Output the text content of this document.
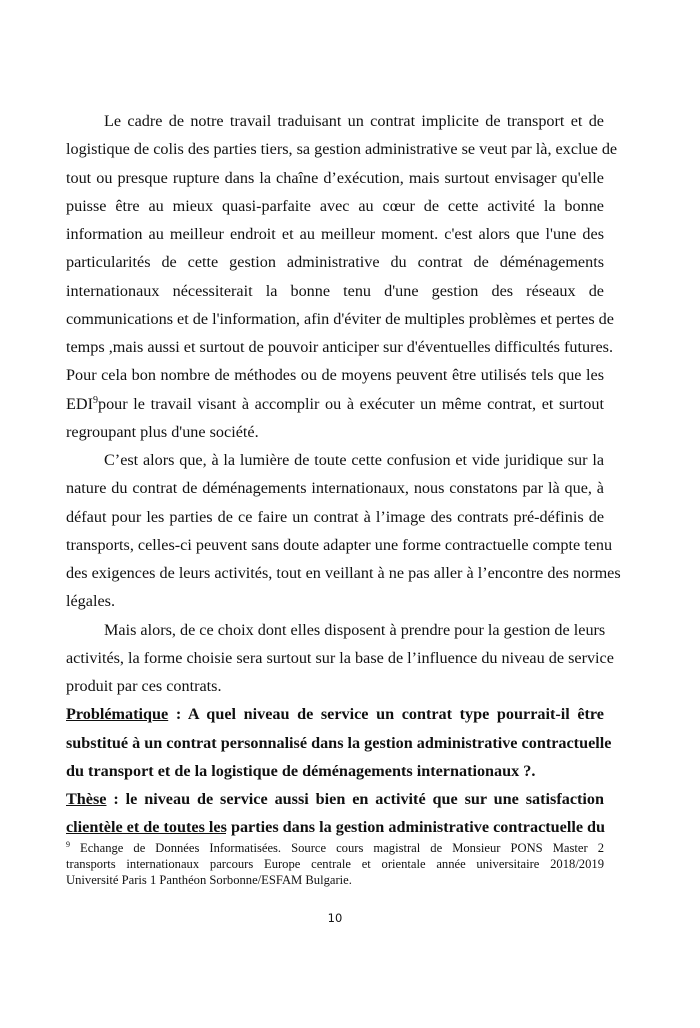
Le cadre de notre travail traduisant un contrat implicite de transport et de
logistique de colis des parties tiers, sa gestion administrative se veut par là, exclue de
tout ou presque rupture dans la chaîne d’exécution, mais surtout envisager qu'elle
puisse être au mieux quasi-parfaite avec au cœur de cette activité la bonne
information au meilleur endroit et au meilleur moment. c'est alors que l'une des
particularités de cette gestion administrative du contrat de déménagements
internationaux nécessiterait la bonne tenu d'une gestion des réseaux de
communications et de l'information, afin d'éviter de multiples problèmes et pertes de
temps ,mais aussi et surtout de pouvoir anticiper sur d'éventuelles difficultés futures.
Pour cela bon nombre de méthodes ou de moyens peuvent être utilisés tels que les
EDI$^9$pour le travail visant à accomplir ou à exécuter un même contrat, et surtout
regroupant plus d'une société.
C’est alors que, à la lumière de toute cette confusion et vide juridique sur la
nature du contrat de déménagements internationaux, nous constatons par là que, à
défaut pour les parties de ce faire un contrat à l’image des contrats pré-définis de
transports, celles-ci peuvent sans doute adapter une forme contractuelle compte tenu
des exigences de leurs activités, tout en veillant à ne pas aller à l’encontre des normes
légales.
Mais alors, de ce choix dont elles disposent à prendre pour la gestion de leurs
activités, la forme choisie sera surtout sur la base de l’influence du niveau de service
produit par ces contrats.
Problématique : A quel niveau de service un contrat type pourrait-il être
substitué à un contrat personnalisé dans la gestion administrative contractuelle
du transport et de la logistique de déménagements internationaux ?.
Thèse : le niveau de service aussi bien en activité que sur une satisfaction
clientèle et de toutes les parties dans la gestion administrative contractuelle du
$^9$ Echange de Données Informatisées. Source cours magistral de Monsieur PONS Master 2
transports internationaux parcours Europe centrale et orientale année universitaire 2018/2019
Université Paris 1 Panthéon Sorbonne/ESFAM Bulgarie.
10
